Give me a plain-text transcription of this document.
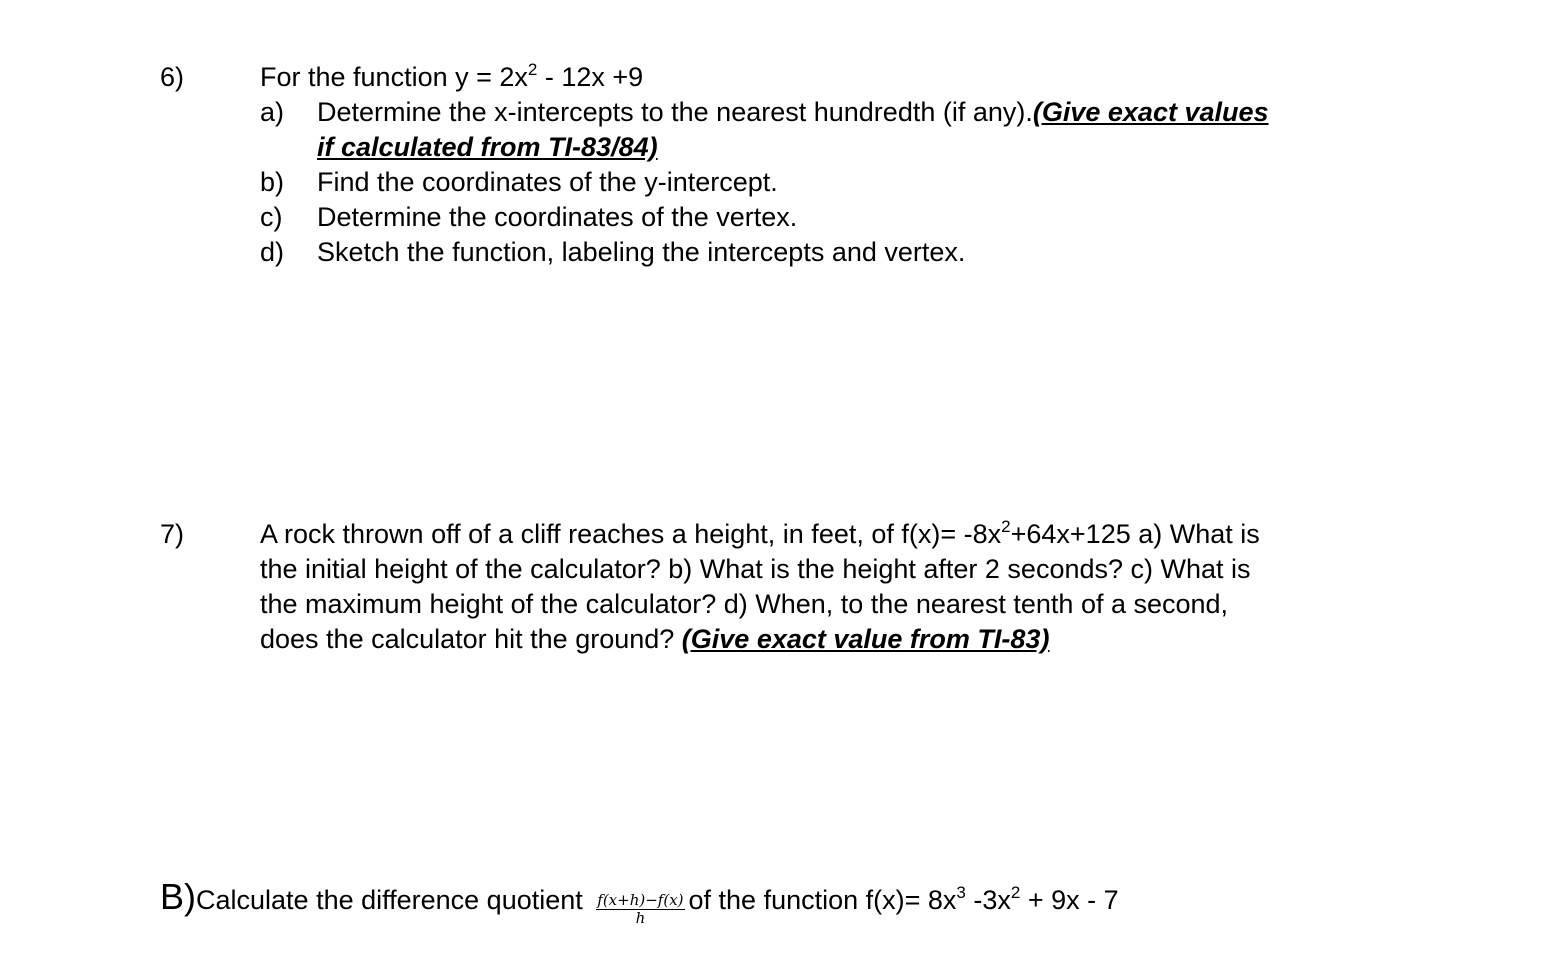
6)	For the function $y = 2x^2 - 12x +9$
a) Determine the x-intercepts to the nearest hundredth (if any).(Give exact values
if calculated from TI-83/84)
b) Find the coordinates of the y-intercept.
c) Determine the coordinates of the vertex.
d) Sketch the function, labeling the intercepts and vertex.
7)	A rock thrown off of a cliff reaches a height, in feet, of $f(x)= -8x^2+64x+125$ a) What is
the initial height of the calculator? b) What is the height after 2 seconds? c) What is
the maximum height of the calculator? d) When, to the nearest tenth of a second,
does the calculator hit the ground? (Give exact value from TI-83)
B)Calculate the difference quotient $\frac{f(x+h)-f(x)}{h}$ of the function $f(x)= 8x^3$ $-3x^2 + 9x - 7$
